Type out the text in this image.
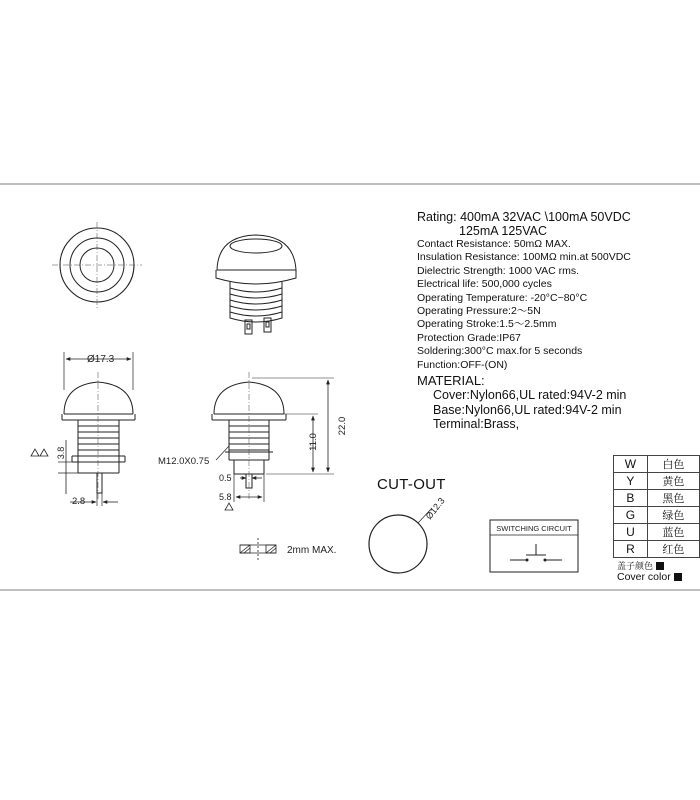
Ø17.3
3.8
2.8
M12.0X0.75
0.5
5.8
11.0
22.0
2mm MAX.
Ø12.3
SWITCHING CIRCUIT
Rating: 400mA 32VAC \100mA 50VDC
125mA 125VAC
Contact Resistance: 50mΩ MAX.
Insulation Resistance: 100MΩ min.at 500VDC
Dielectric Strength: 1000 VAC rms.
Electrical life: 500,000 cycles
Operating Temperature: -20°C~80°C
Operating Pressure:2～5N
Operating Stroke:1.5～2.5mm
Protection Grade:IP67
Soldering:300°C max.for 5 seconds
Function:OFF-(ON)
MATERIAL:
Cover:Nylon66,UL rated:94V-2 min
Base:Nylon66,UL rated:94V-2 min
Terminal:Brass,
CUT-OUT
W	白色
Y	黄色
B	黑色
G	绿色
U	蓝色
R	红色
盖子颜色
Cover color
